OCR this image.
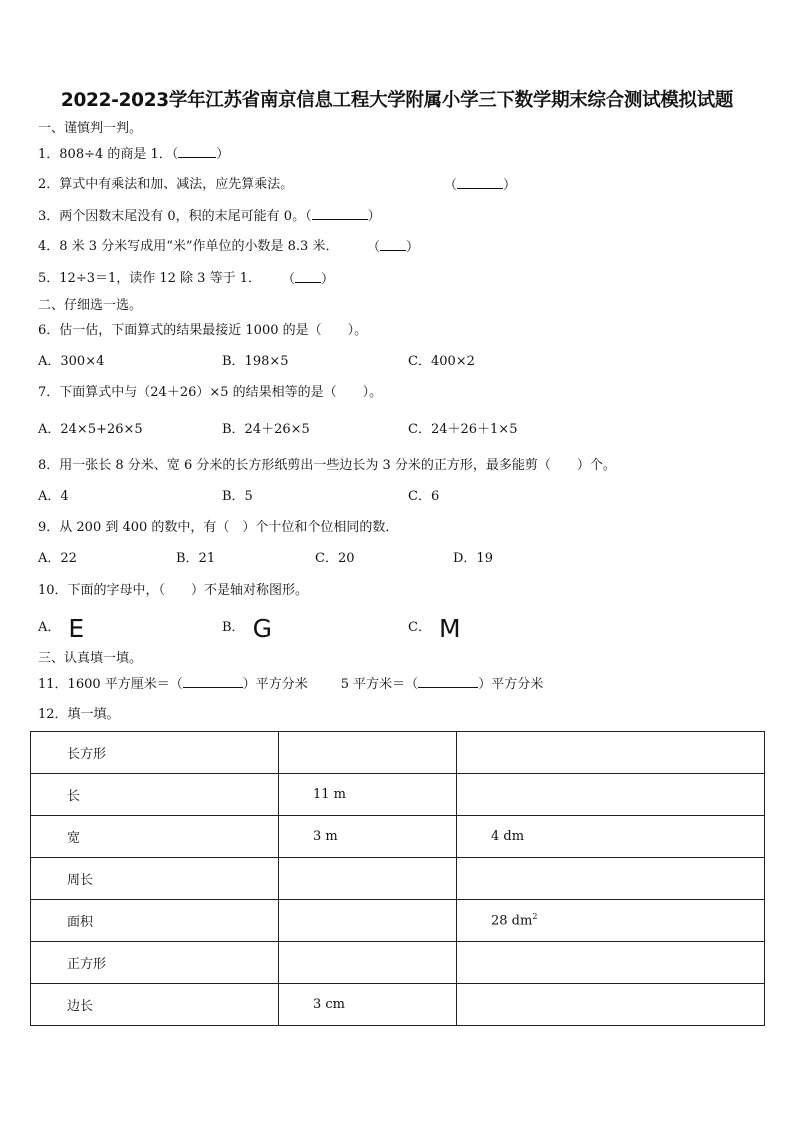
2022-2023学年江苏省南京信息工程大学附属小学三下数学期末综合测试模拟试题
一、谨慎判一判。
1．808÷4 的商是 1．（	）
2．算式中有乘法和加、减法，应先算乘法。	（	）
3．两个因数末尾没有 0，积的末尾可能有 0。（	）
4．8 米 3 分米写成用“米”作单位的小数是 8.3 米． （ ）
5．12÷3＝1，读作 12 除 3 等于 1． （ ）
二、仔细选一选。
6．估一估，下面算式的结果最接近 1000 的是（　　）。
A．300×4	B．198×5	C．400×2
7．下面算式中与（24＋26）×5 的结果相等的是（　　）。
A．24×5+26×5	B．24＋26×5	C．24＋26＋1×5
8．用一张长 8 分米、宽 6 分米的长方形纸剪出一些边长为 3 分米的正方形，最多能剪（　　）个。
A．4	B．5	C．6
9．从 200 到 400 的数中，有（　）个十位和个位相同的数．
A．22	B．21	C．20	D．19
10．下面的字母中，（　　）不是轴对称图形。
A． E	B． G	C． M
三、认真填一填。
11．1600 平方厘米＝（	）平方分米	5 平方米＝（	）平方分米
12．填一填。
长方形		
长	11 m	
宽	3 m	4 dm
周长		
面积		28 $dm^2$
正方形		
边长	3 cm	
